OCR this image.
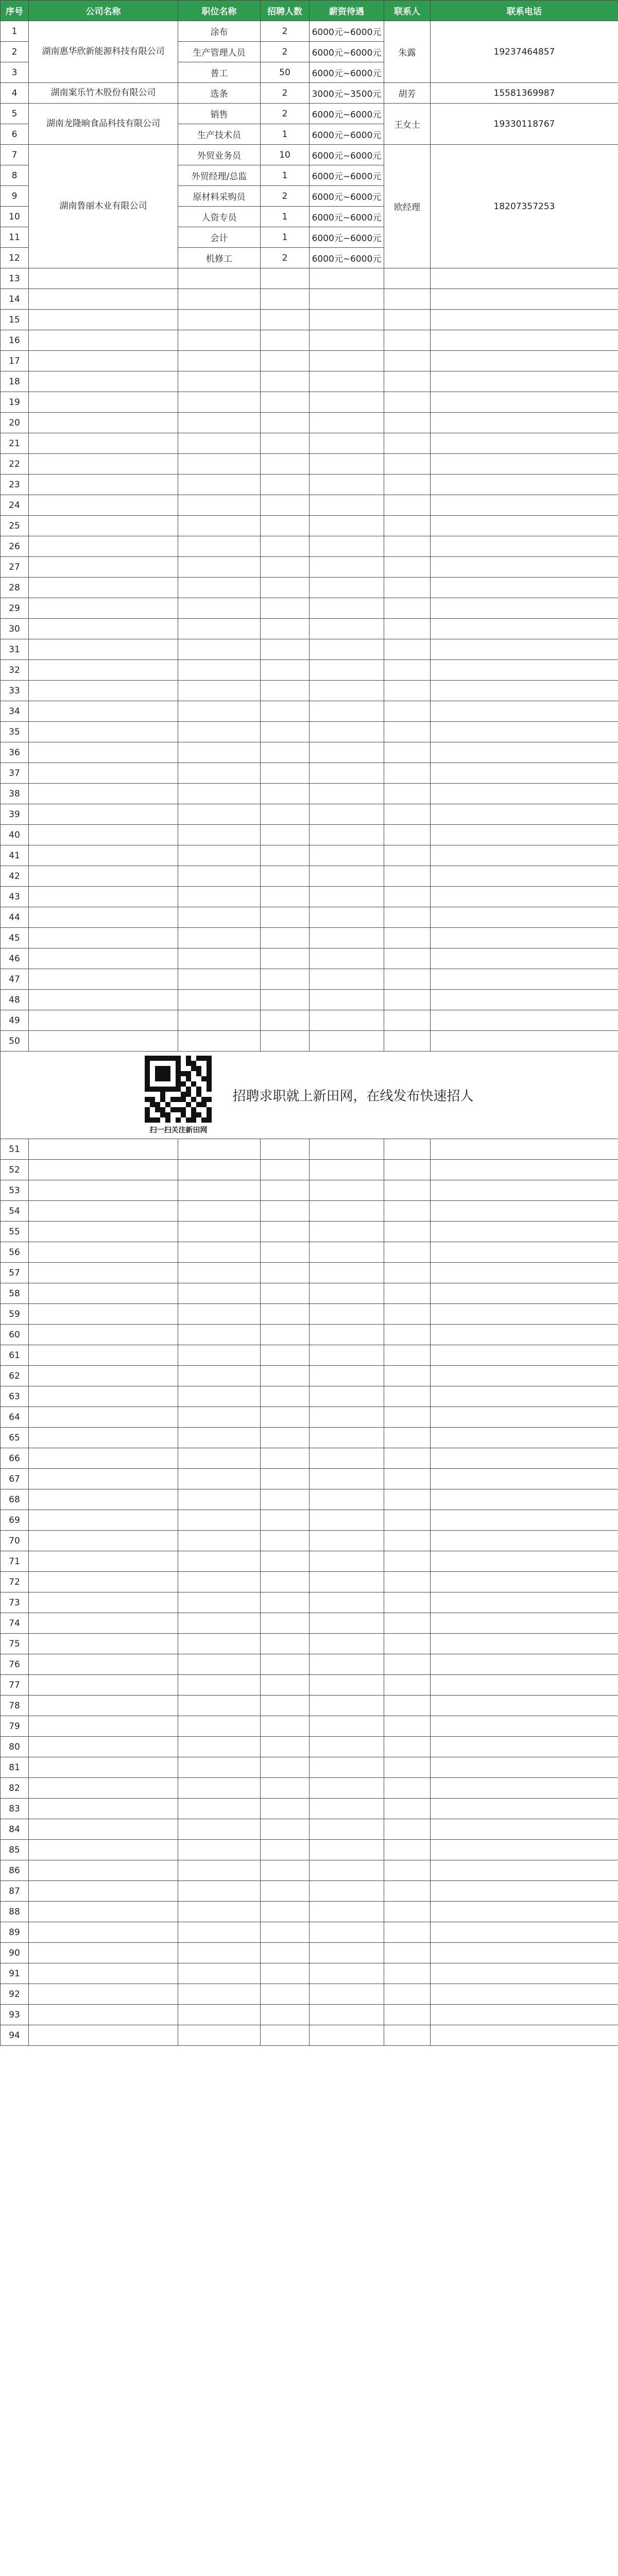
序号	公司名称	职位名称	招聘人数	薪资待遇	联系人	联系电话
1	湖南惠华欣新能源科技有限公司	涂布	2	6000元~6000元	朱露	19237464857
2		生产管理人员	2	6000元~6000元		
3		普工	50	6000元~6000元		
4	湖南案乐竹木股份有限公司	选条	2	3000元~3500元	胡芳	15581369987
5	湖南龙隆晌食品科技有限公司	销售	2	6000元~6000元	王女士	19330118767
6		生产技术员	1	6000元~6000元		
7	湖南鲁丽木业有限公司	外贸业务员	10	6000元~6000元	欧经理	18207357253
8		外贸经理/总监	1	6000元~6000元		
9		原材料采购员	2	6000元~6000元		
10		人资专员	1	6000元~6000元		
11		会计	1	6000元~6000元		
12		机修工	2	6000元~6000元		
13						
14						
15						
16						
17						
18						
19						
20						
21						
22						
23						
24						
25						
26						
27						
28						
29						
30						
31						
32						
33						
34						
35						
36						
37						
38						
39						
40						
41						
42						
43						
44						
45						
46						
47						
48						
49						
50						

扫一扫关注新田网
招聘求职就上新田网，在线发布快速招人						

51						
52						
53						
54						
55						
56						
57						
58						
59						
60						
61						
62						
63						
64						
65						
66						
67						
68						
69						
70						
71						
72						
73						
74						
75						
76						
77						
78						
79						
80						
81						
82						
83						
84						
85						
86						
87						
88						
89						
90						
91						
92						
93						
94						
